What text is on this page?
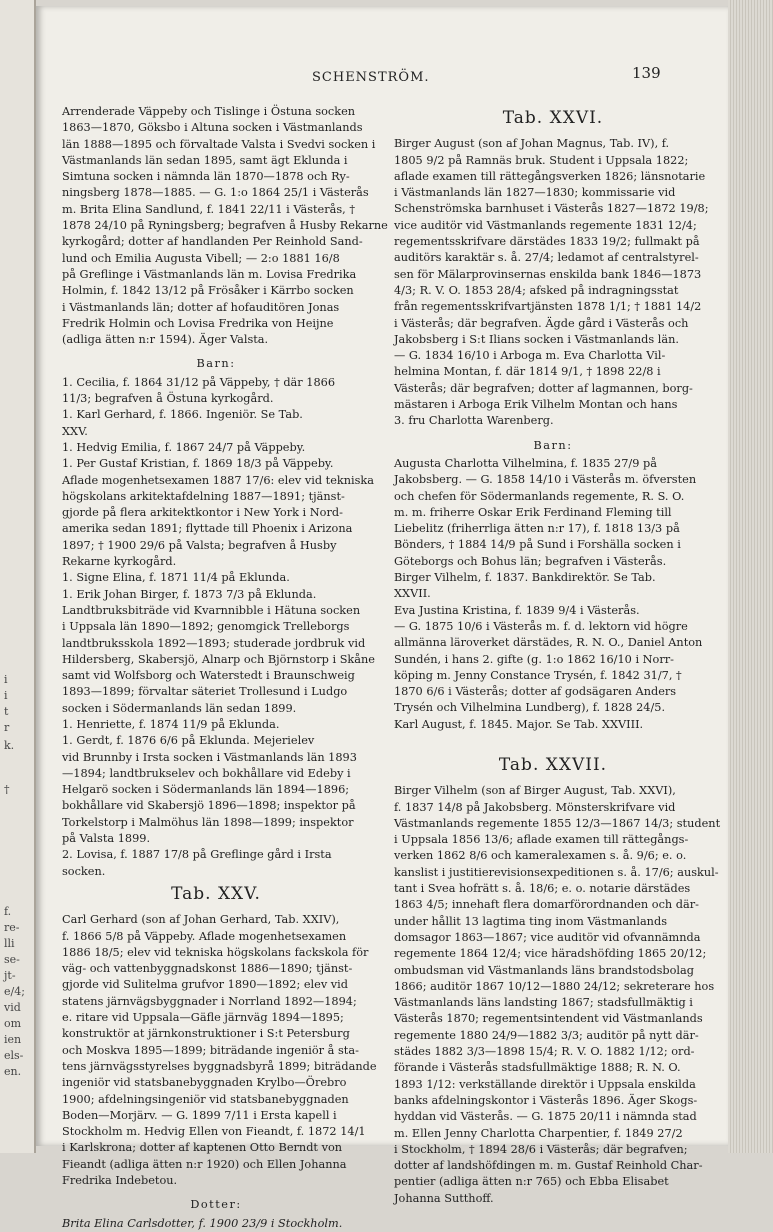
i
i
t
r
k.
†
f.
re-
lli
se-
jt-
e/4;
vid
om
ien
els-
en.
SCHENSTRÖM.	139
Arrenderade Väppeby och Tislinge i Östuna socken
1863—1870, Göksbo i Altuna socken i Västmanlands
län 1888—1895 och förvaltade Valsta i Svedvi socken i
Västmanlands län sedan 1895, samt ägt Eklunda i
Simtuna socken i nämnda län 1870—1878 och Ry-
ningsberg 1878—1885. — G. 1:o 1864 25/1 i Västerås
m. Brita Elina Sandlund, f. 1841 22/11 i Västerås, †
1878 24/10 på Ryningsberg; begrafven å Husby Rekarne
kyrkogård; dotter af handlanden Per Reinhold Sand-
lund och Emilia Augusta Vibell; — 2:o 1881 16/8
på Greflinge i Västmanlands län m. Lovisa Fredrika
Holmin, f. 1842 13/12 på Frösåker i Kärrbo socken
i Västmanlands län; dotter af hofauditören Jonas
Fredrik Holmin och Lovisa Fredrika von Heijne
(adliga ätten n:r 1594). Äger Valsta.
Barn:
1. Cecilia, f. 1864 31/12 på Väppeby, † där 1866
11/3; begrafven å Östuna kyrkogård.
1. Karl Gerhard, f. 1866. Ingeniör. Se Tab.
XXV.
1. Hedvig Emilia, f. 1867 24/7 på Väppeby.
1. Per Gustaf Kristian, f. 1869 18/3 på Väppeby.
Aflade mogenhetsexamen 1887 17/6: elev vid tekniska
högskolans arkitektafdelning 1887—1891; tjänst-
gjorde på flera arkitektkontor i New York i Nord-
amerika sedan 1891; flyttade till Phoenix i Arizona
1897; † 1900 29/6 på Valsta; begrafven å Husby
Rekarne kyrkogård.
1. Signe Elina, f. 1871 11/4 på Eklunda.
1. Erik Johan Birger, f. 1873 7/3 på Eklunda.
Landtbruksbiträde vid Kvarnnibble i Hätuna socken
i Uppsala län 1890—1892; genomgick Trelleborgs
landtbruksskola 1892—1893; studerade jordbruk vid
Hildersberg, Skabersjö, Alnarp och Björnstorp i Skåne
samt vid Wolfsborg och Waterstedt i Braunschweig
1893—1899; förvaltar säteriet Trollesund i Ludgo
socken i Södermanlands län sedan 1899.
1. Henriette, f. 1874 11/9 på Eklunda.
1. Gerdt, f. 1876 6/6 på Eklunda. Mejerielev
vid Brunnby i Irsta socken i Västmanlands län 1893
—1894; landtbrukselev och bokhållare vid Edeby i
Helgarö socken i Södermanlands län 1894—1896;
bokhållare vid Skabersjö 1896—1898; inspektor på
Torkelstorp i Malmöhus län 1898—1899; inspektor
på Valsta 1899.
2. Lovisa, f. 1887 17/8 på Greflinge gård i Irsta
socken.
Tab. XXV.
Carl Gerhard (son af Johan Gerhard, Tab. XXIV),
f. 1866 5/8 på Väppeby. Aflade mogenhetsexamen
1886 18/5; elev vid tekniska högskolans fackskola för
väg- och vattenbyggnadskonst 1886—1890; tjänst-
gjorde vid Sulitelma grufvor 1890—1892; elev vid
statens järnvägsbyggnader i Norrland 1892—1894;
e. ritare vid Uppsala—Gäfle järnväg 1894—1895;
konstruktör at järnkonstruktioner i S:t Petersburg
och Moskva 1895—1899; biträdande ingeniör å sta-
tens järnvägsstyrelses byggnadsbyrå 1899; biträdande
ingeniör vid statsbanebyggnaden Krylbo—Örebro
1900; afdelningsingeniör vid statsbanebyggnaden
Boden—Morjärv. — G. 1899 7/11 i Ersta kapell i
Stockholm m. Hedvig Ellen von Fieandt, f. 1872 14/1
i Karlskrona; dotter af kaptenen Otto Berndt von
Fieandt (adliga ätten n:r 1920) och Ellen Johanna
Fredrika Indebetou.
Dotter:
Brita Elina Carlsdotter, f. 1900 23/9 i Stockholm.
Tab. XXVI.
Birger August (son af Johan Magnus, Tab. IV), f.
1805 9/2 på Ramnäs bruk. Student i Uppsala 1822;
aflade examen till rättegångsverken 1826; länsnotarie
i Västmanlands län 1827—1830; kommissarie vid
Schenströmska barnhuset i Västerås 1827—1872 19/8;
vice auditör vid Västmanlands regemente 1831 12/4;
regementsskrifvare därstädes 1833 19/2; fullmakt på
auditörs karaktär s. å. 27/4; ledamot af centralstyrel-
sen för Mälarprovinsernas enskilda bank 1846—1873
4/3; R. V. O. 1853 28/4; afsked på indragningsstat
från regementsskrifvartjänsten 1878 1/1; † 1881 14/2
i Västerås; där begrafven. Ägde gård i Västerås och
Jakobsberg i S:t Ilians socken i Västmanlands län.
— G. 1834 16/10 i Arboga m. Eva Charlotta Vil-
helmina Montan, f. där 1814 9/1, † 1898 22/8 i
Västerås; där begrafven; dotter af lagmannen, borg-
mästaren i Arboga Erik Vilhelm Montan och hans
3. fru Charlotta Warenberg.
Barn:
Augusta Charlotta Vilhelmina, f. 1835 27/9 på
Jakobsberg. — G. 1858 14/10 i Västerås m. öfversten
och chefen för Södermanlands regemente, R. S. O.
m. m. friherre Oskar Erik Ferdinand Fleming till
Liebelitz (friherrliga ätten n:r 17), f. 1818 13/3 på
Bönders, † 1884 14/9 på Sund i Forshälla socken i
Göteborgs och Bohus län; begrafven i Västerås.
Birger Vilhelm, f. 1837. Bankdirektör. Se Tab.
XXVII.
Eva Justina Kristina, f. 1839 9/4 i Västerås.
— G. 1875 10/6 i Västerås m. f. d. lektorn vid högre
allmänna läroverket därstädes, R. N. O., Daniel Anton
Sundén, i hans 2. gifte (g. 1:o 1862 16/10 i Norr-
köping m. Jenny Constance Trysén, f. 1842 31/7, †
1870 6/6 i Västerås; dotter af godsägaren Anders
Trysén och Vilhelmina Lundberg), f. 1828 24/5.
Karl August, f. 1845. Major. Se Tab. XXVIII.
Tab. XXVII.
Birger Vilhelm (son af Birger August, Tab. XXVI),
f. 1837 14/8 på Jakobsberg. Mönsterskrifvare vid
Västmanlands regemente 1855 12/3—1867 14/3; student
i Uppsala 1856 13/6; aflade examen till rättegångs-
verken 1862 8/6 och kameralexamen s. å. 9/6; e. o.
kanslist i justitierevisionsexpeditionen s. å. 17/6; auskul-
tant i Svea hofrätt s. å. 18/6; e. o. notarie därstädes
1863 4/5; innehaft flera domarförordnanden och där-
under hållit 13 lagtima ting inom Västmanlands
domsagor 1863—1867; vice auditör vid ofvannämnda
regemente 1864 12/4; vice häradshöfding 1865 20/12;
ombudsman vid Västmanlands läns brandstodsbolag
1866; auditör 1867 10/12—1880 24/12; sekreterare hos
Västmanlands läns landsting 1867; stadsfullmäktig i
Västerås 1870; regementsintendent vid Västmanlands
regemente 1880 24/9—1882 3/3; auditör på nytt där-
städes 1882 3/3—1898 15/4; R. V. O. 1882 1/12; ord-
förande i Västerås stadsfullmäktige 1888; R. N. O.
1893 1/12: verkställande direktör i Uppsala enskilda
banks afdelningskontor i Västerås 1896. Äger Skogs-
hyddan vid Västerås. — G. 1875 20/11 i nämnda stad
m. Ellen Jenny Charlotta Charpentier, f. 1849 27/2
i Stockholm, † 1894 28/6 i Västerås; där begrafven;
dotter af landshöfdingen m. m. Gustaf Reinhold Char-
pentier (adliga ätten n:r 765) och Ebba Elisabet
Johanna Sutthoff.
